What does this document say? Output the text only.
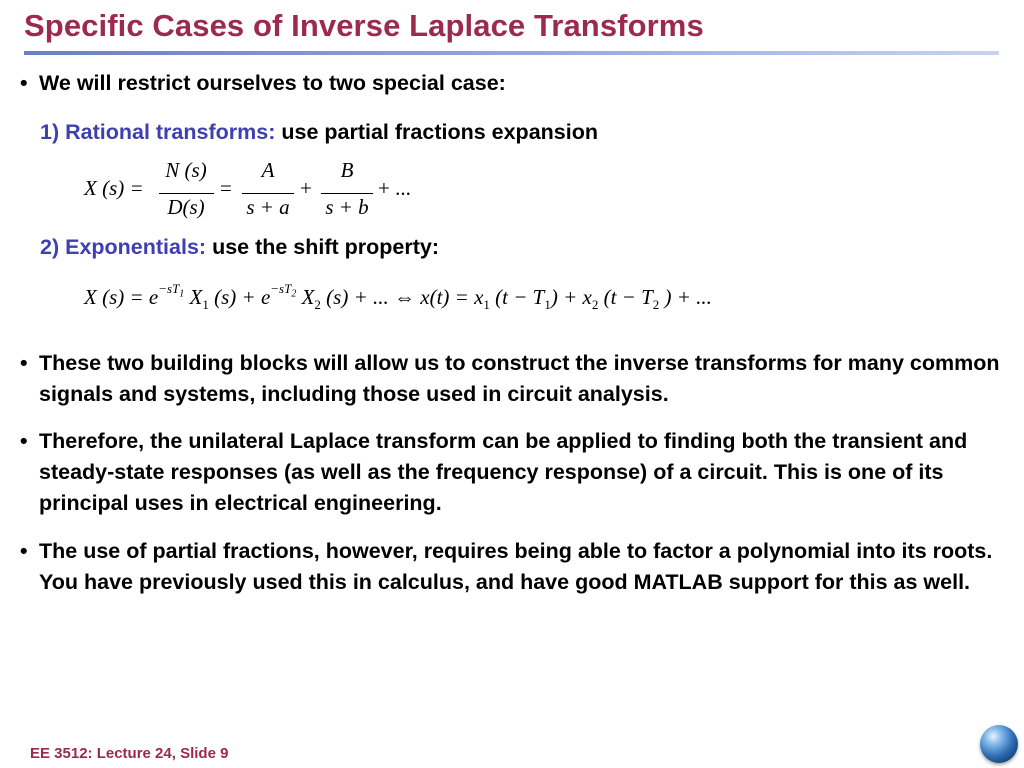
Specific Cases of Inverse Laplace Transforms
• We will restrict ourselves to two special case:
1) Rational transforms: use partial fractions expansion
X (s) =
N (s)
D(s)
=
A
s + a
+
B
s + b
+ ...
2) Exponentials: use the shift property:
X $(s) = e^{-sT_1}$ $X_1$ $(s) + e^{-sT_2}$ $X_2$ (s) + ... ⇔ $x(t) = x_1$ $(t - T_1) + x_2$ ($t - T_2$ ) + ...
• These two building blocks will allow us to construct the inverse transforms for many common signals and systems, including those used in circuit analysis.
• Therefore, the unilateral Laplace transform can be applied to finding both the transient and steady-state responses (as well as the frequency response) of a circuit. This is one of its principal uses in electrical engineering.
• The use of partial fractions, however, requires being able to factor a polynomial into its roots. You have previously used this in calculus, and have good MATLAB support for this as well.
EE 3512: Lecture 24, Slide 9
